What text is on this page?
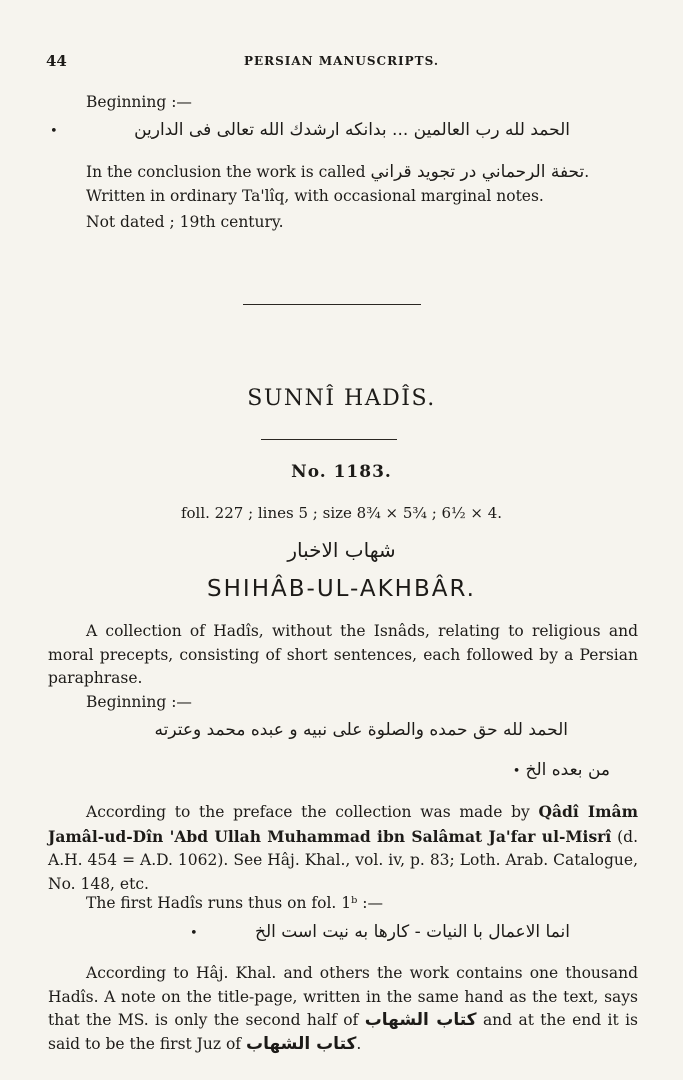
44	PERSIAN MANUSCRIPTS.
Beginning :—
•	الحمد لله رب العالمين ... بدانكه ارشدك الله تعالى فى الدارين
In the conclusion the work is called تحفة الرحماني در تجويد قراني.
Written in ordinary Ta'lîq, with occasional marginal notes.
Not dated ; 19th century.
SUNNÎ HADÎS.
No. 1183.
foll. 227 ; lines 5 ; size 8¾ × 5¾ ; 6½ × 4.
شهاب الاخبار
SHIHÂB-UL-AKHBÂR.
A collection of Hadîs, without the Isnâds, relating to religious and moral precepts, consisting of short sentences, each followed by a Persian paraphrase.
Beginning :—
الحمد لله حق حمده والصلوة على نبيه و عبده محمد وعترته
• من بعده الخ

According to the preface the collection was made by Qâdî Imâm Jamâl-ud-Dîn 'Abd Ullah Muhammad ibn Salâmat Ja'far ul-Misrî (d. A.H. 454 = A.D. 1062). See Hâj. Khal., vol. iv, p. 83; Loth. Arab. Catalogue, No. 148, etc.

The first Hadîs runs thus on fol. 1ᵇ :—
•	انما الاعمال با النيات - كارها به نيت است الخ

According to Hâj. Khal. and others the work contains one thousand Hadîs. A note on the title-page, written in the same hand as the text, says that the MS. is only the second half of كتاب الشهاب and at the end it is said to be the first Juz of كتاب الشهاب.
